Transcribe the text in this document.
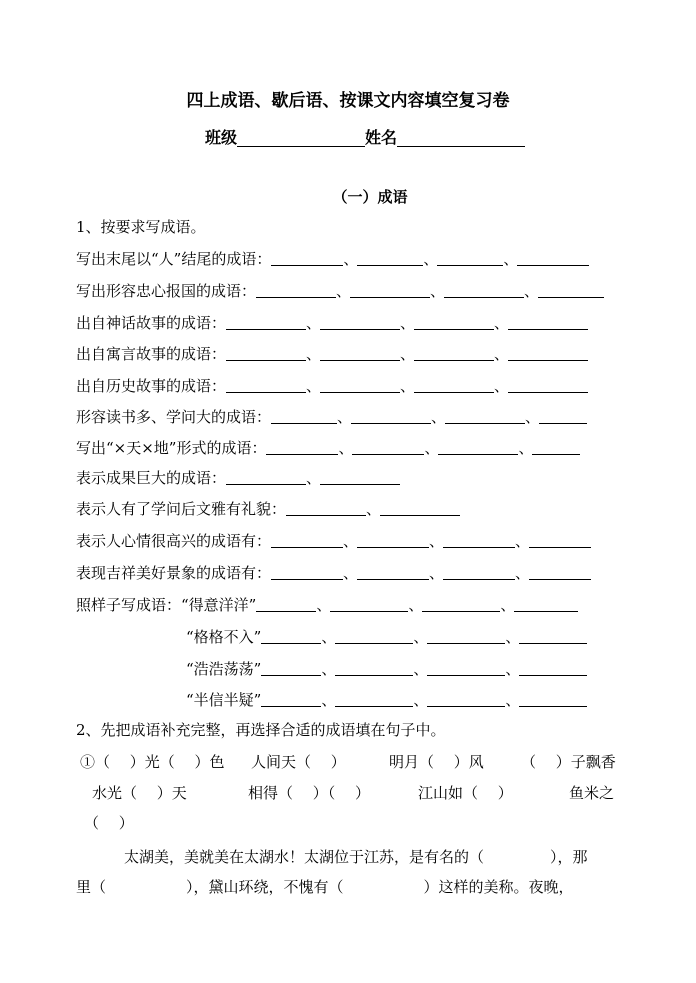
四上成语、歇后语、按课文内容填空复习卷
班级	姓名
（一）成语
1、按要求写成语。
写出末尾以“人”结尾的成语：	、	、	、
写出形容忠心报国的成语：	、	、	、
出自神话故事的成语：	、	、	、
出自寓言故事的成语：	、	、	、
出自历史故事的成语：	、	、	、
形容读书多、学问大的成语：	、	、	、
写出“×天×地”形式的成语：	、	、	、
表示成果巨大的成语：	、
表示人有了学问后文雅有礼貌：	、
表示人心情很高兴的成语有：	、	、	、
表现吉祥美好景象的成语有：	、	、	、
照样子写成语：“得意洋洋”	、	、	、
“格格不入”	、	、	、
“浩浩荡荡”	、	、	、
“半信半疑”	、	、	、
2、先把成语补充完整，再选择合适的成语填在句子中。
①（　 ）光（　 ）色 人间天（　 ）	明月（　 ）风 （　 ）子飘香
水光（　 ）天	相得（　 ）（　 ）	江山如（　 ）	鱼米之
（　 ）
太湖美，美就美在太湖水！太湖位于江苏，是有名的（	），那
里（	），黛山环绕，不愧有（	）这样的美称。夜晚，
